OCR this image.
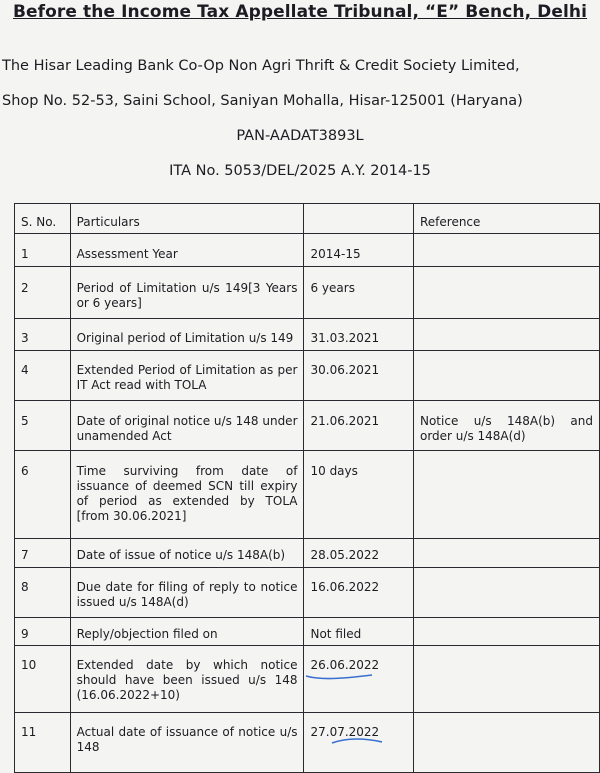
Before the Income Tax Appellate Tribunal, “E” Bench, Delhi
The Hisar Leading Bank Co-Op Non Agri Thrift & Credit Society Limited,
Shop No. 52-53, Saini School, Saniyan Mohalla, Hisar-125001 (Haryana)
PAN-AADAT3893L
ITA No. 5053/DEL/2025 A.Y. 2014-15
S. No.	Particulars		Reference
1	Assessment Year	2014-15	
2	Period of Limitation u/s 149[3 Years or 6 years]	6 years	
3	Original period of Limitation u/s 149	31.03.2021	
4	Extended Period of Limitation as per IT Act read with TOLA	30.06.2021	
5	Date of original notice u/s 148 under unamended Act	21.06.2021	Notice u/s 148A(b) and order u/s 148A(d)
6	Time surviving from date of issuance of deemed SCN till expiry of period as extended by TOLA [from 30.06.2021]	10 days	
7	Date of issue of notice u/s 148A(b)	28.05.2022	
8	Due date for filing of reply to notice issued u/s 148A(d)	16.06.2022	
9	Reply/objection filed on	Not filed	
10	Extended date by which notice should have been issued u/s 148 (16.06.2022+10)	26.06.2022	
11	Actual date of issuance of notice u/s 148	27.07.2022	
